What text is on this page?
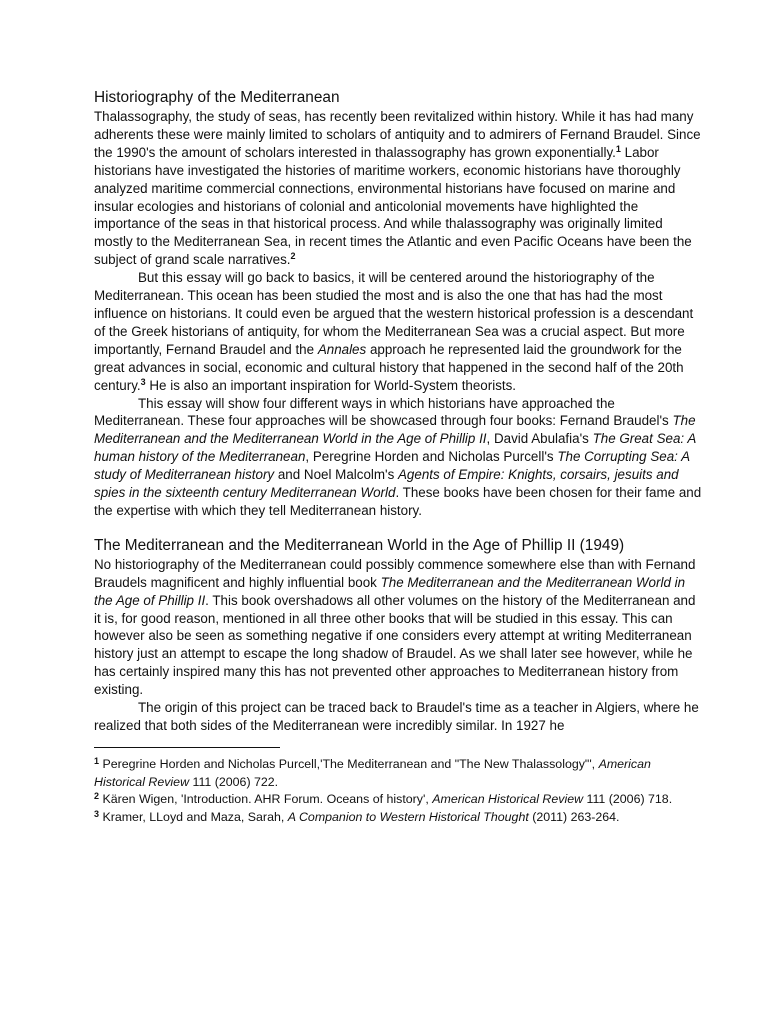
Historiography of the Mediterranean

Thalassography, the study of seas, has recently been revitalized within history. While it has had many adherents these were mainly limited to scholars of antiquity and to admirers of Fernand Braudel. Since the 1990's the amount of scholars interested in thalassography has grown exponentially.$^1$ Labor historians have investigated the histories of maritime workers, economic historians have thoroughly analyzed maritime commercial connections, environmental historians have focused on marine and insular ecologies and historians of colonial and anticolonial movements have highlighted the importance of the seas in that historical process. And while thalassography was originally limited mostly to the Mediterranean Sea, in recent times the Atlantic and even Pacific Oceans have been the subject of grand scale narratives.$^2$

But this essay will go back to basics, it will be centered around the historiography of the Mediterranean. This ocean has been studied the most and is also the one that has had the most influence on historians. It could even be argued that the western historical profession is a descendant of the Greek historians of antiquity, for whom the Mediterranean Sea was a crucial aspect. But more importantly, Fernand Braudel and the Annales approach he represented laid the groundwork for the great advances in social, economic and cultural history that happened in the second half of the 20th century.$^3$ He is also an important inspiration for World-System theorists.

This essay will show four different ways in which historians have approached the Mediterranean. These four approaches will be showcased through four books: Fernand Braudel's The Mediterranean and the Mediterranean World in the Age of Phillip II, David Abulafia's The Great Sea: A human history of the Mediterranean, Peregrine Horden and Nicholas Purcell's The Corrupting Sea: A study of Mediterranean history and Noel Malcolm's Agents of Empire: Knights, corsairs, jesuits and spies in the sixteenth century Mediterranean World. These books have been chosen for their fame and the expertise with which they tell Mediterranean history.

The Mediterranean and the Mediterranean World in the Age of Phillip II (1949)

No historiography of the Mediterranean could possibly commence somewhere else than with Fernand Braudels magnificent and highly influential book The Mediterranean and the Mediterranean World in the Age of Phillip II. This book overshadows all other volumes on the history of the Mediterranean and it is, for good reason, mentioned in all three other books that will be studied in this essay. This can however also be seen as something negative if one considers every attempt at writing Mediterranean history just an attempt to escape the long shadow of Braudel. As we shall later see however, while he has certainly inspired many this has not prevented other approaches to Mediterranean history from existing.

The origin of this project can be traced back to Braudel's time as a teacher in Algiers, where he realized that both sides of the Mediterranean were incredibly similar. In 1927 he

$^1$ Peregrine Horden and Nicholas Purcell,'The Mediterranean and "The New Thalassology"', American Historical Review 111 (2006) 722.

$^2$ Kären Wigen, 'Introduction. AHR Forum. Oceans of history', American Historical Review 111 (2006) 718.

$^3$ Kramer, LLoyd and Maza, Sarah, A Companion to Western Historical Thought (2011) 263-264.
